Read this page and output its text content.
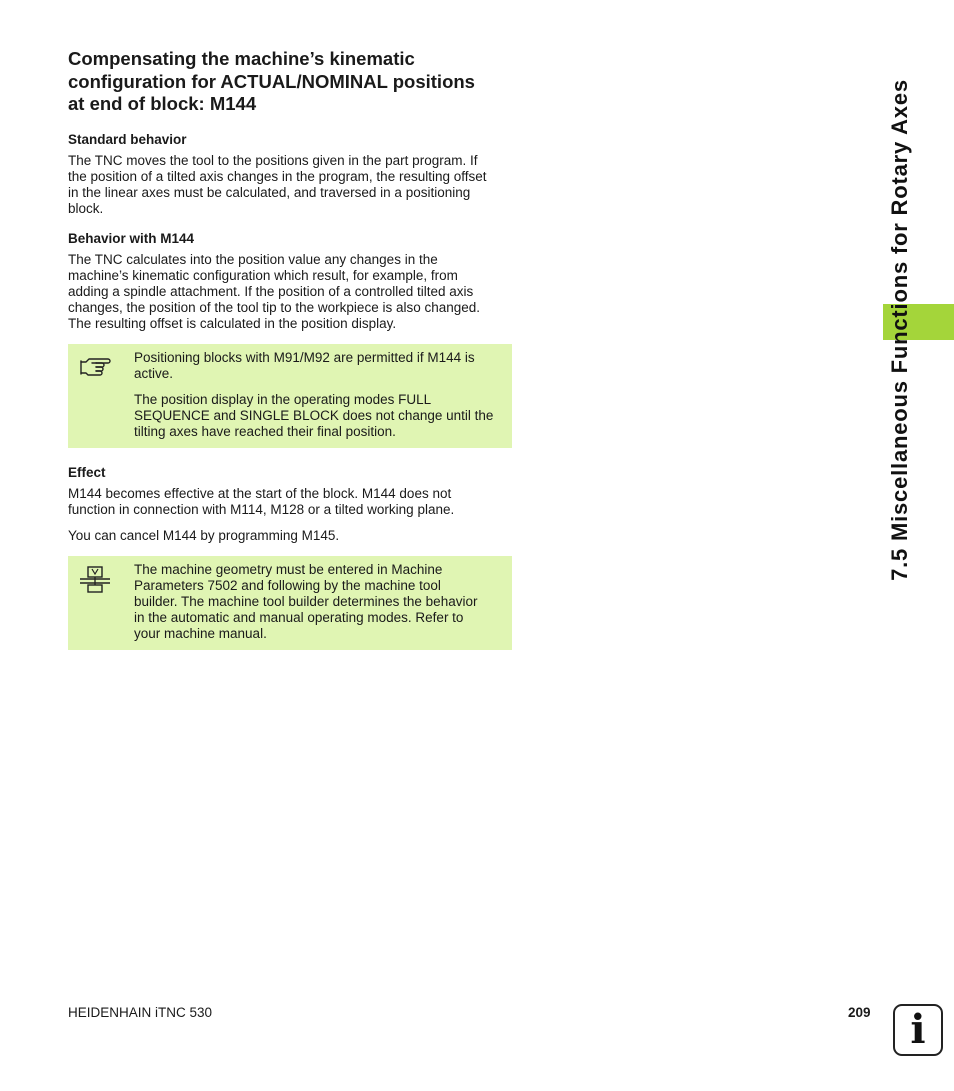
Compensating the machine’s kinematic
configuration for ACTUAL/NOMINAL positions
at end of block: M144
Standard behavior

The TNC moves the tool to the positions given in the part program. If
the position of a tilted axis changes in the program, the resulting offset
in the linear axes must be calculated, and traversed in a positioning
block.

Behavior with M144

The TNC calculates into the position value any changes in the
machine’s kinematic configuration which result, for example, from
adding a spindle attachment. If the position of a controlled tilted axis
changes, the position of the tool tip to the workpiece is also changed.
The resulting offset is calculated in the position display.

Positioning blocks with M91/M92 are permitted if M144 is
active.

The position display in the operating modes FULL
SEQUENCE and SINGLE BLOCK does not change until the
tilting axes have reached their final position.

Effect

M144 becomes effective at the start of the block. M144 does not
function in connection with M114, M128 or a tilted working plane.

You can cancel M144 by programming M145.

The machine geometry must be entered in Machine
Parameters 7502 and following by the machine tool
builder. The machine tool builder determines the behavior
in the automatic and manual operating modes. Refer to
your machine manual.

7.5 Miscellaneous Functions for Rotary Axes

HEIDENHAIN iTNC 530	209 i
